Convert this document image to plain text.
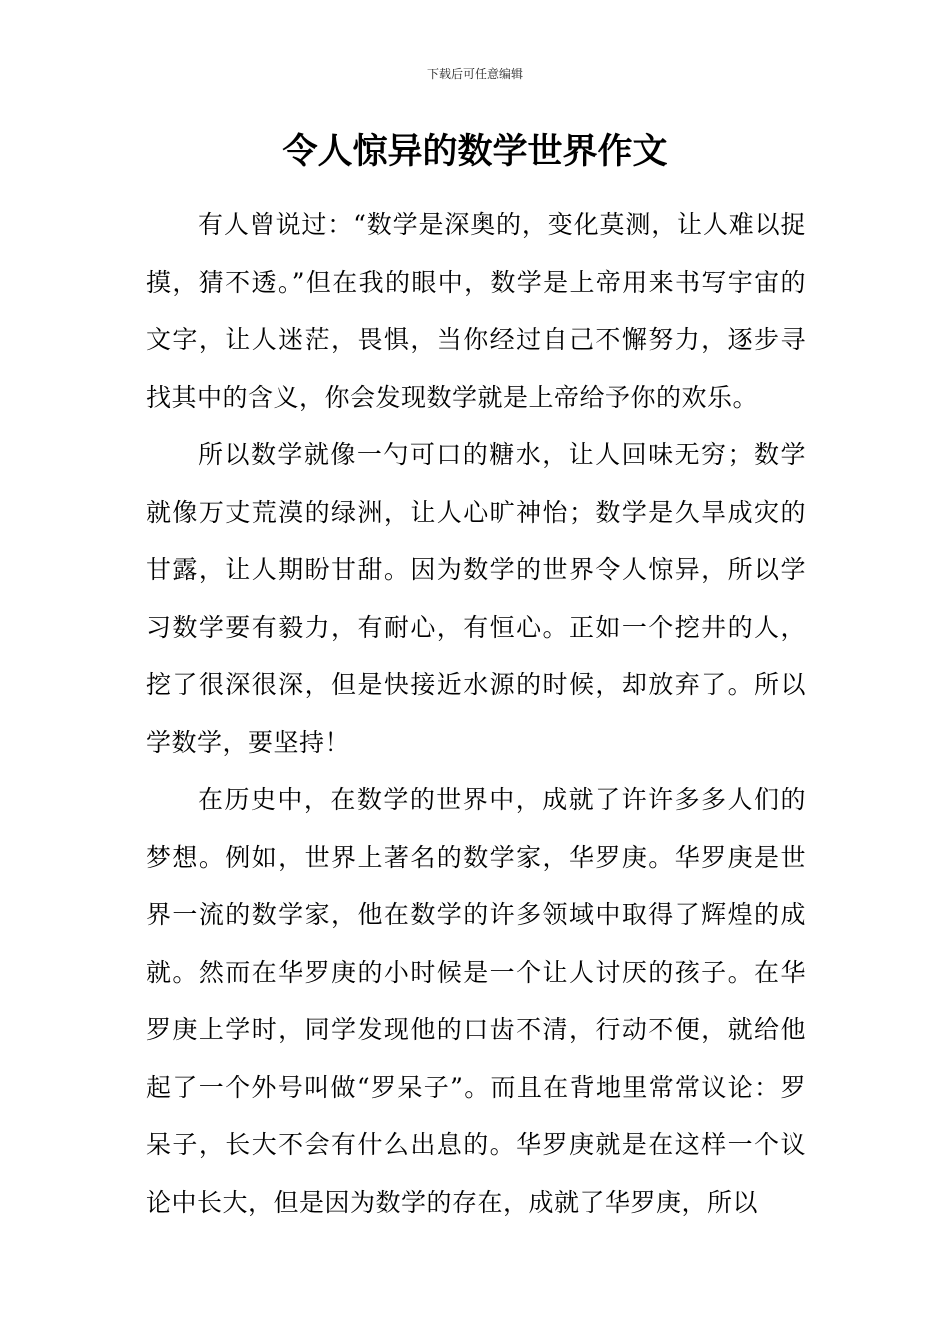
下载后可任意编辑
令人惊异的数学世界作文

有人曾说过：“数学是深奥的，变化莫测，让人难以捉摸，猜不透。”但在我的眼中，数学是上帝用来书写宇宙的文字，让人迷茫，畏惧，当你经过自己不懈努力，逐步寻找其中的含义，你会发现数学就是上帝给予你的欢乐。

所以数学就像一勺可口的糖水，让人回味无穷；数学就像万丈荒漠的绿洲，让人心旷神怡；数学是久旱成灾的甘露，让人期盼甘甜。因为数学的世界令人惊异，所以学习数学要有毅力，有耐心，有恒心。正如一个挖井的人，挖了很深很深，但是快接近水源的时候，却放弃了。所以学数学，要坚持！

在历史中，在数学的世界中，成就了许许多多人们的梦想。例如，世界上著名的数学家，华罗庚。华罗庚是世界一流的数学家，他在数学的许多领域中取得了辉煌的成就。然而在华罗庚的小时候是一个让人讨厌的孩子。在华罗庚上学时，同学发现他的口齿不清，行动不便，就给他起了一个外号叫做“罗呆子”。而且在背地里常常议论：罗呆子，长大不会有什么出息的。华罗庚就是在这样一个议论中长大，但是因为数学的存在，成就了华罗庚，所以
